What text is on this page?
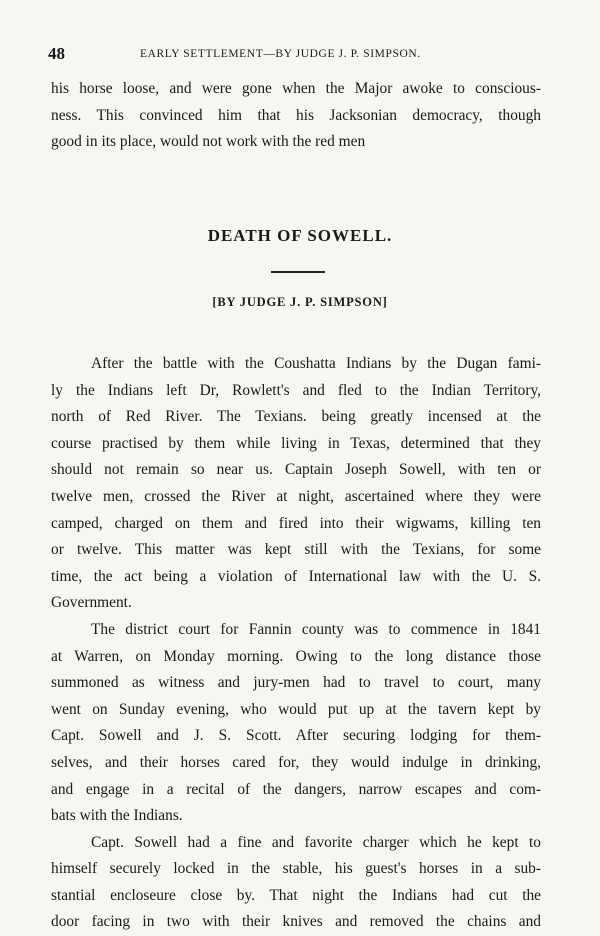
48	EARLY SETTLEMENT—BY JUDGE J. P. SIMPSON.
his horse loose, and were gone when the Major awoke to conscious-
ness. This convinced him that his Jacksonian democracy, though
good in its place, would not work with the red men
DEATH OF SOWELL.
[BY JUDGE J. P. SIMPSON]
After the battle with the Coushatta Indians by the Dugan fami-
ly the Indians left Dr, Rowlett's and fled to the Indian Territory,
north of Red River. The Texians. being greatly incensed at the
course practised by them while living in Texas, determined that they
should not remain so near us. Captain Joseph Sowell, with ten or
twelve men, crossed the River at night, ascertained where they were
camped, charged on them and fired into their wigwams, killing ten
or twelve. This matter was kept still with the Texians, for some
time, the act being a violation of International law with the U. S.
Government.
The district court for Fannin county was to commence in 1841
at Warren, on Monday morning. Owing to the long distance those
summoned as witness and jury-men had to travel to court, many
went on Sunday evening, who would put up at the tavern kept by
Capt. Sowell and J. S. Scott. After securing lodging for them-
selves, and their horses cared for, they would indulge in drinking,
and engage in a recital of the dangers, narrow escapes and com-
bats with the Indians.
Capt. Sowell had a fine and favorite charger which he kept to
himself securely locked in the stable, his guest's horses in a sub-
stantial encloseure close by. That night the Indians had cut the
door facing in two with their knives and removed the chains and
